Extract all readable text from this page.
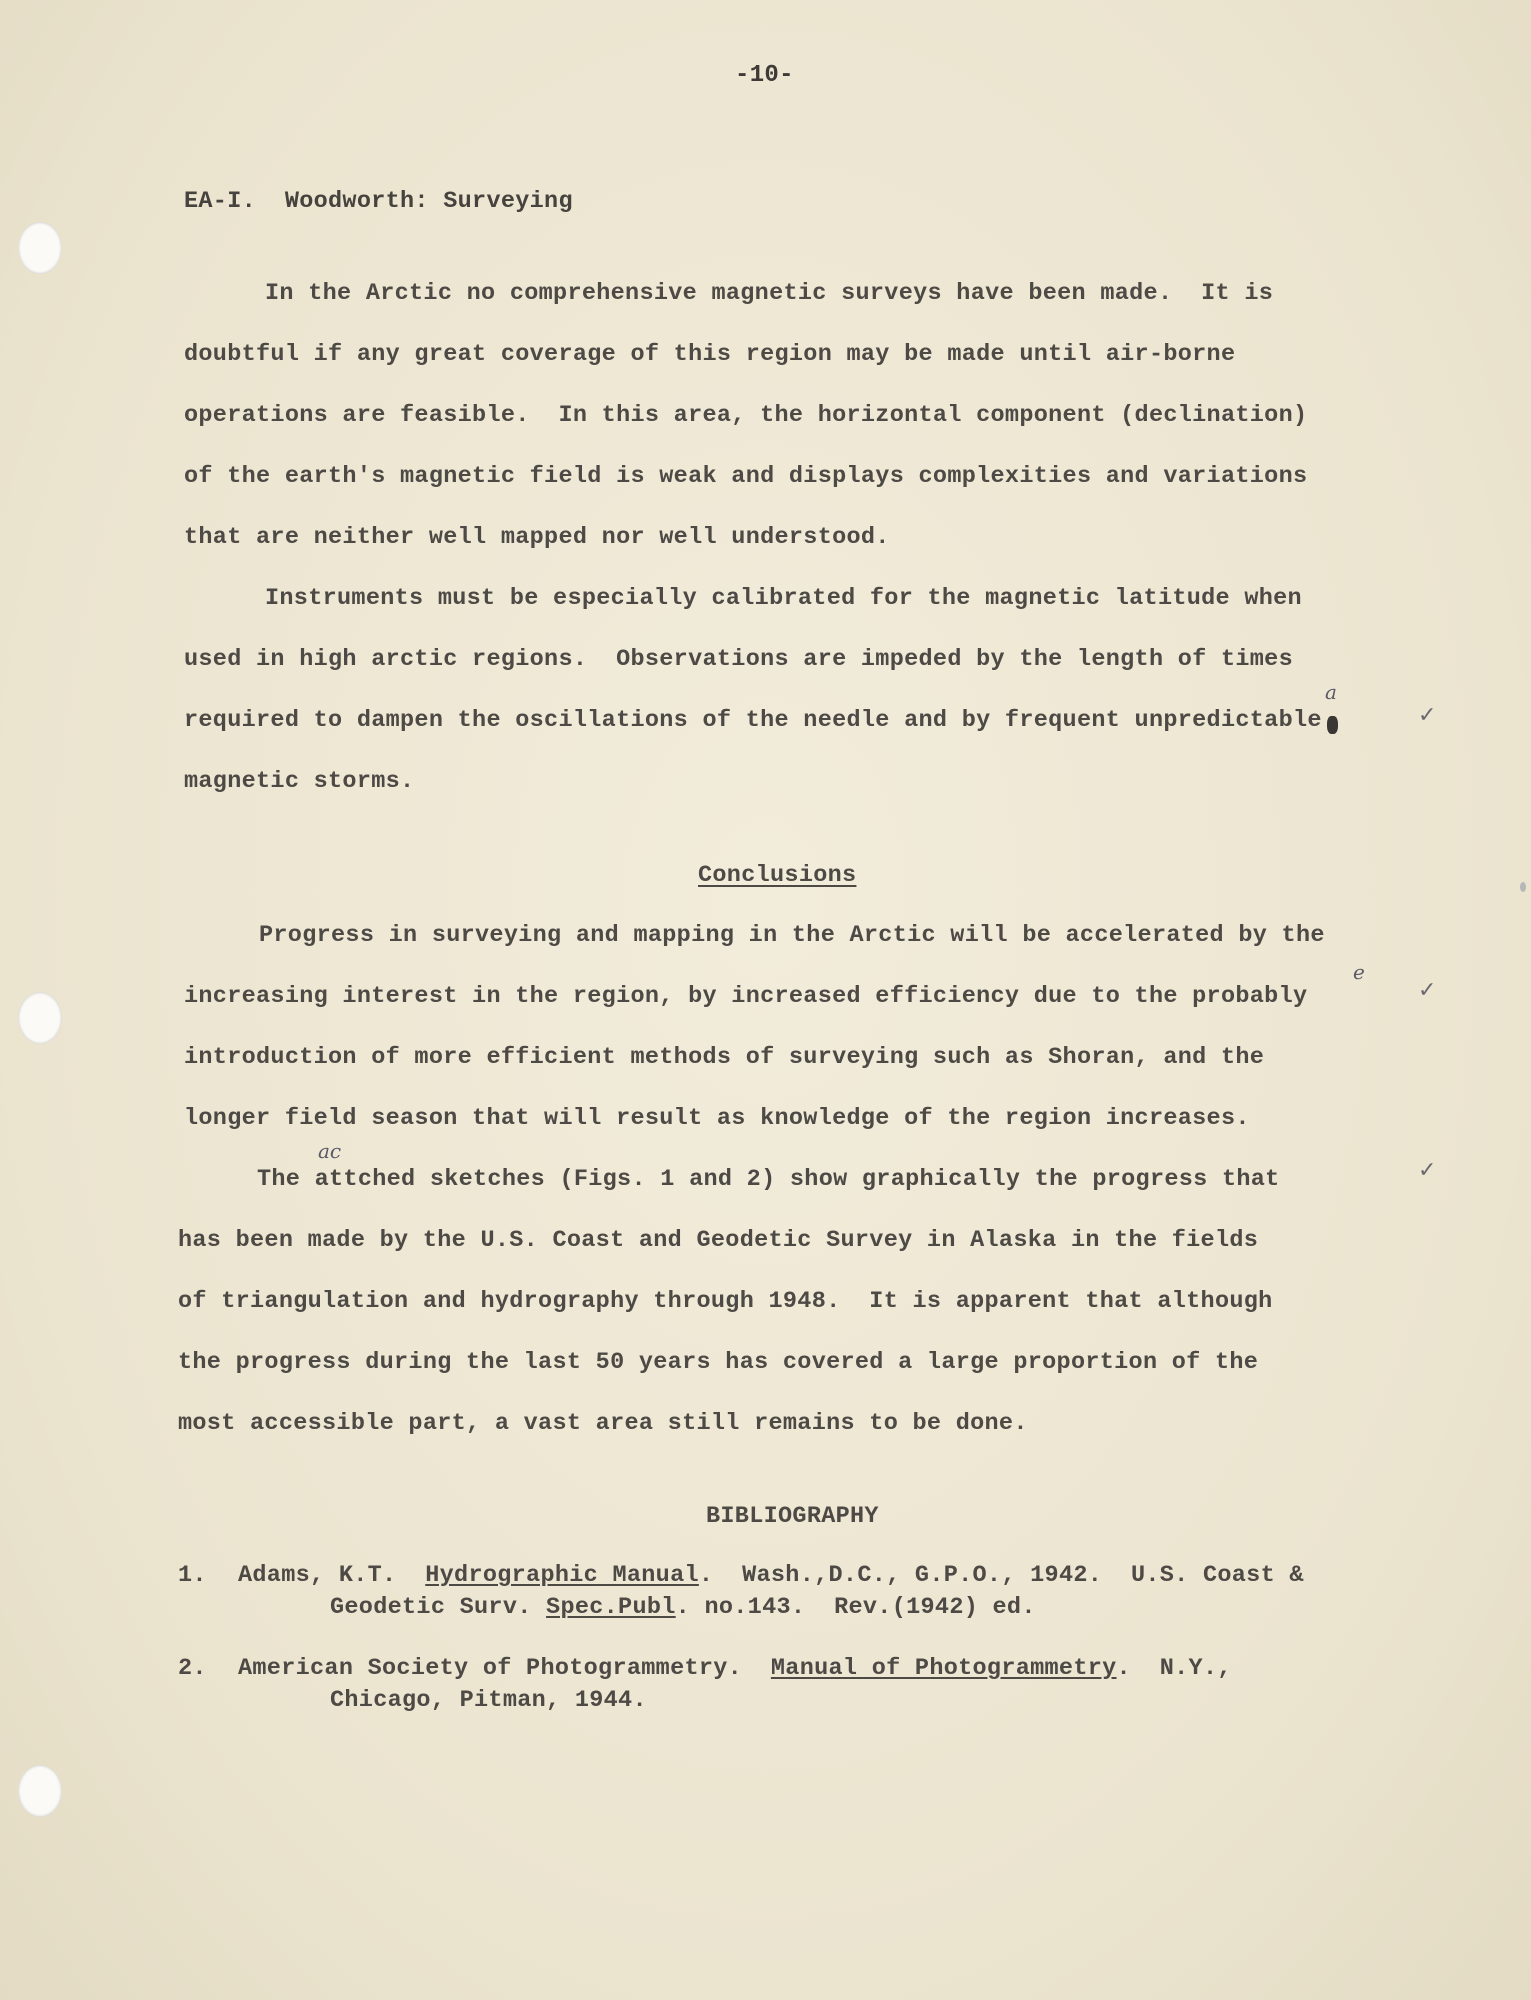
-10-
EA-I.  Woodworth: Surveying
In the Arctic no comprehensive magnetic surveys have been made.  It is
doubtful if any great coverage of this region may be made until air-borne
operations are feasible.  In this area, the horizontal component (declination)
of the earth's magnetic field is weak and displays complexities and variations
that are neither well mapped nor well understood.
Instruments must be especially calibrated for the magnetic latitude when
used in high arctic regions.  Observations are impeded by the length of times
required to dampen the oscillations of the needle and by frequent unpredictable
magnetic storms.
a
✓
Conclusions
Progress in surveying and mapping in the Arctic will be accelerated by the
increasing interest in the region, by increased efficiency due to the probably
introduction of more efficient methods of surveying such as Shoran, and the
longer field season that will result as knowledge of the region increases.
e
✓
ac
The attched sketches (Figs. 1 and 2) show graphically the progress that
has been made by the U.S. Coast and Geodetic Survey in Alaska in the fields
of triangulation and hydrography through 1948.  It is apparent that although
the progress during the last 50 years has covered a large proportion of the
most accessible part, a vast area still remains to be done.
✓
BIBLIOGRAPHY

1.

Adams, K.T.  Hydrographic Manual.  Wash.,D.C., G.P.O., 1942.  U.S. Coast &
Geodetic Surv. Spec.Publ. no.143.  Rev.(1942) ed.

2.

American Society of Photogrammetry.  Manual of Photogrammetry.  N.Y.,
Chicago, Pitman, 1944.
